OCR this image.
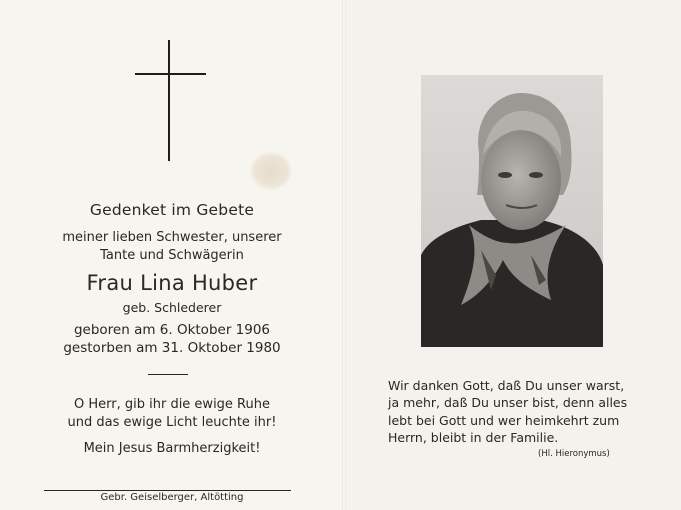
Gedenket im Gebete
meiner lieben Schwester, unserer
Tante und Schwägerin
Frau Lina Huber
geb. Schlederer
geboren am 6. Oktober 1906
gestorben am 31. Oktober 1980
O Herr, gib ihr die ewige Ruhe
und das ewige Licht leuchte ihr!
Mein Jesus Barmherzigkeit!
Gebr. Geiselberger, Altötting
Wir danken Gott, daß Du unser warst,
ja mehr, daß Du unser bist, denn alles
lebt bei Gott und wer heimkehrt zum
Herrn, bleibt in der Familie.
(Hl. Hieronymus)
